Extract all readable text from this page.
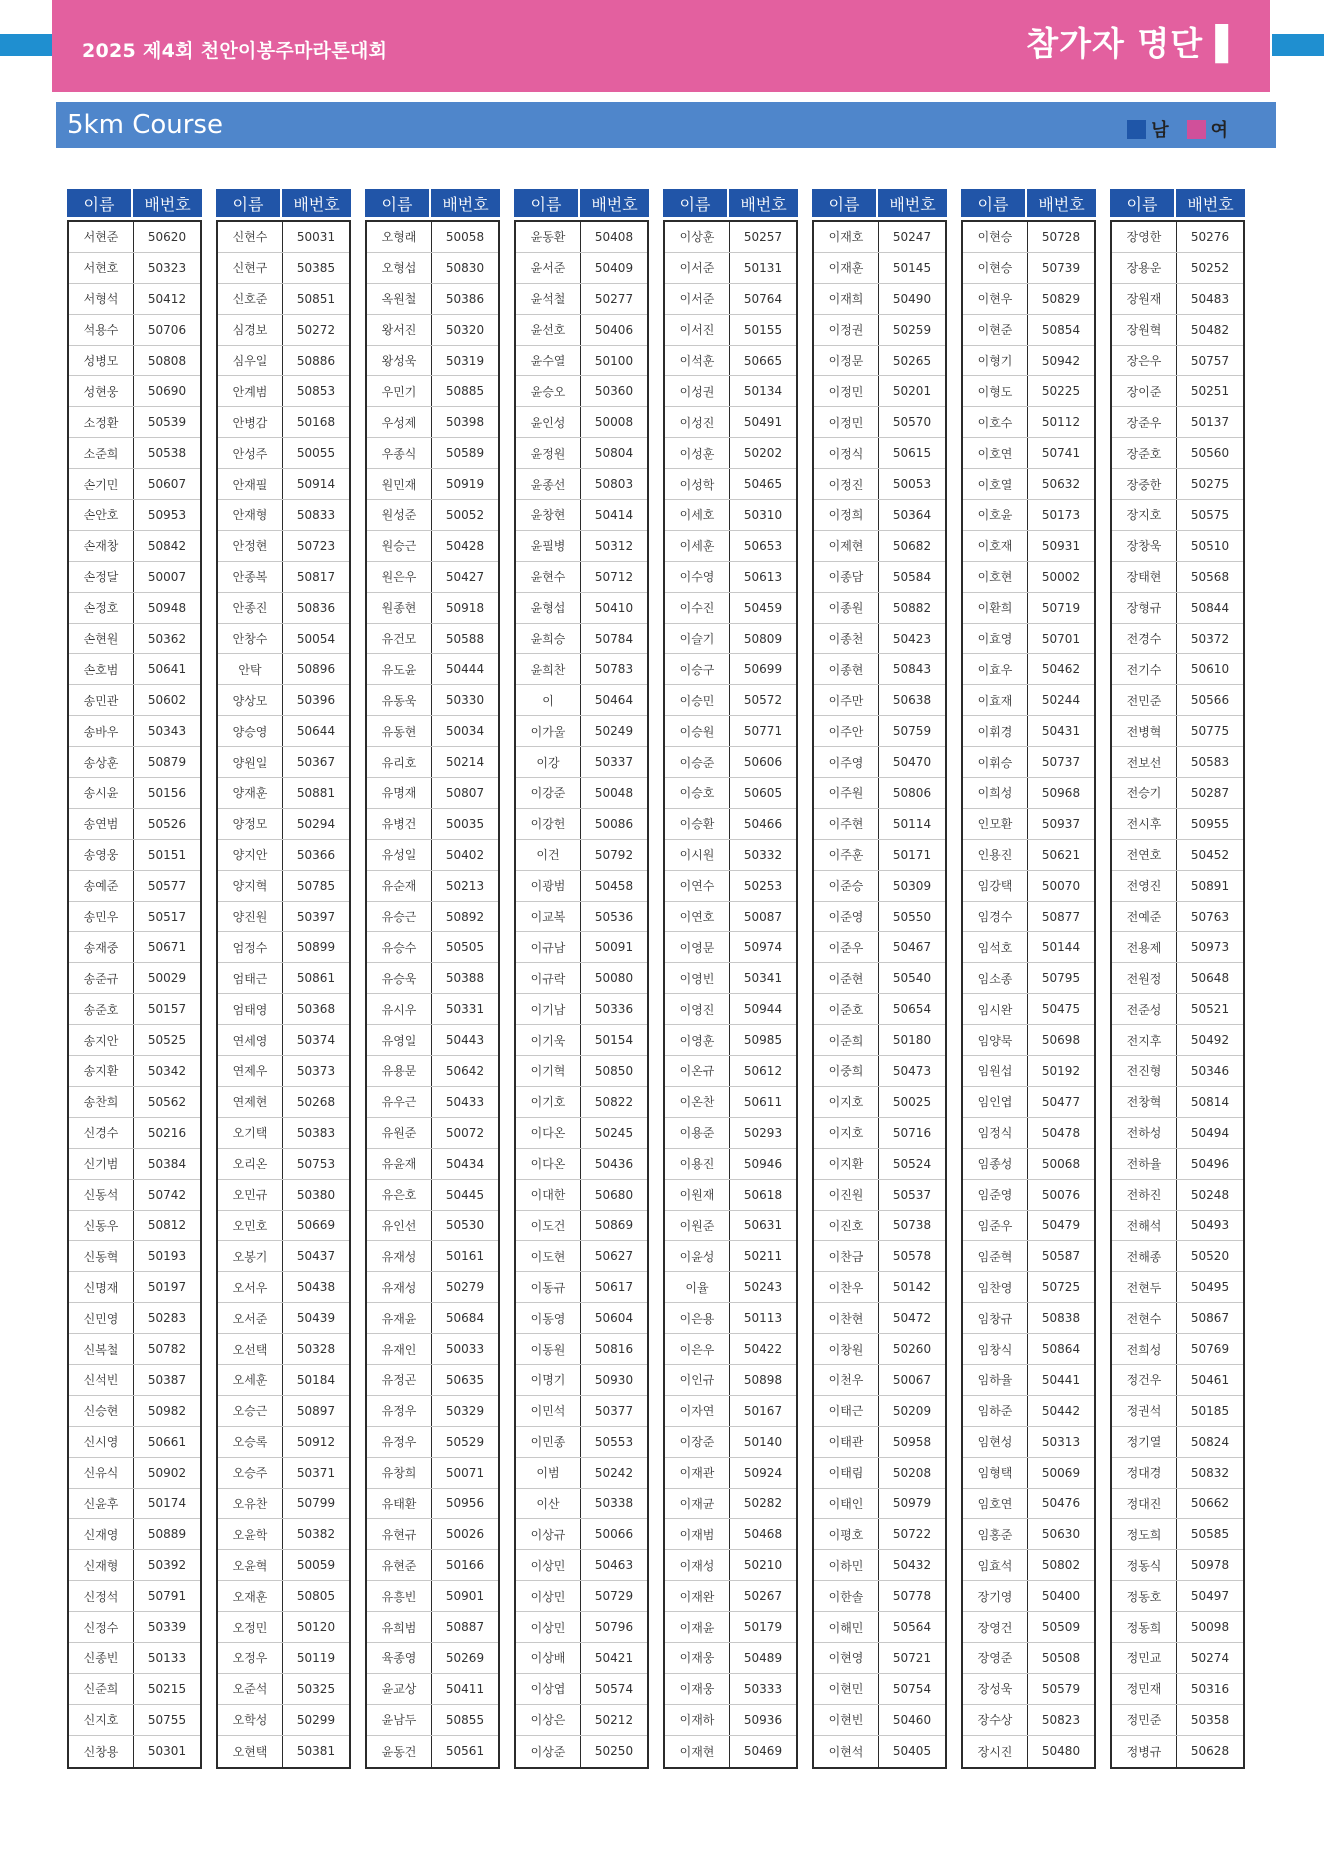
2025 제4회 천안이봉주마라톤대회	참가자 명단 ▌
5km Course	남 여
이름	배번호
서현준	50620
서현호	50323
서형석	50412
석용수	50706
성병모	50808
성현웅	50690
소정환	50539
소준희	50538
손기민	50607
손안호	50953
손재창	50842
손정달	50007
손정호	50948
손현원	50362
손호범	50641
송민관	50602
송바우	50343
송상훈	50879
송시윤	50156
송연범	50526
송영웅	50151
송예준	50577
송민우	50517
송재중	50671
송준규	50029
송준호	50157
송지안	50525
송지환	50342
송찬희	50562
신경수	50216
신기범	50384
신동석	50742
신동우	50812
신동혁	50193
신명재	50197
신민영	50283
신복철	50782
신석빈	50387
신승현	50982
신시영	50661
신유식	50902
신윤후	50174
신재영	50889
신재형	50392
신정석	50791
신정수	50339
신종빈	50133
신준희	50215
신지호	50755
신창용	50301
이름	배번호
신현수	50031
신현구	50385
신호준	50851
심경보	50272
심우일	50886
안계범	50853
안병감	50168
안성주	50055
안재필	50914
안재형	50833
안정현	50723
안종복	50817
안종진	50836
안창수	50054
안탁	50896
양상모	50396
양승영	50644
양원일	50367
양재훈	50881
양정모	50294
양지안	50366
양지혁	50785
양진원	50397
엄정수	50899
엄태근	50861
엄태영	50368
연세영	50374
연제우	50373
연제현	50268
오기택	50383
오리온	50753
오민규	50380
오민호	50669
오봉기	50437
오서우	50438
오서준	50439
오선택	50328
오세훈	50184
오승근	50897
오승록	50912
오승주	50371
오유찬	50799
오윤학	50382
오윤혁	50059
오재훈	50805
오정민	50120
오정우	50119
오준석	50325
오학성	50299
오현택	50381
이름	배번호
오형래	50058
오형섭	50830
옥원철	50386
왕서진	50320
왕성욱	50319
우민기	50885
우성제	50398
우종식	50589
원민재	50919
원성준	50052
원승근	50428
원은우	50427
원종현	50918
유건모	50588
유도윤	50444
유동욱	50330
유동현	50034
유리호	50214
유명재	50807
유병건	50035
유성일	50402
유순재	50213
유승근	50892
유승수	50505
유승욱	50388
유시우	50331
유영일	50443
유용문	50642
유우근	50433
유원준	50072
유윤재	50434
유은호	50445
유인선	50530
유재성	50161
유재성	50279
유재윤	50684
유재인	50033
유정곤	50635
유정우	50329
유정우	50529
유창희	50071
유태환	50956
유현규	50026
유현준	50166
유흥빈	50901
유희범	50887
육종영	50269
윤교상	50411
윤남두	50855
윤동건	50561
이름	배번호
윤동환	50408
윤서준	50409
윤석철	50277
윤선호	50406
윤수열	50100
윤승오	50360
윤인성	50008
윤정원	50804
윤종선	50803
윤창현	50414
윤필병	50312
윤현수	50712
윤형섭	50410
윤희승	50784
윤희찬	50783
이	50464
이가울	50249
이강	50337
이강준	50048
이강헌	50086
이건	50792
이광범	50458
이교복	50536
이규남	50091
이규락	50080
이기남	50336
이기욱	50154
이기혁	50850
이기호	50822
이다온	50245
이다온	50436
이대한	50680
이도건	50869
이도현	50627
이동규	50617
이동영	50604
이동원	50816
이명기	50930
이민석	50377
이민종	50553
이범	50242
이산	50338
이상규	50066
이상민	50463
이상민	50729
이상민	50796
이상배	50421
이상엽	50574
이상은	50212
이상준	50250
이름	배번호
이상훈	50257
이서준	50131
이서준	50764
이서진	50155
이석훈	50665
이성권	50134
이성진	50491
이성훈	50202
이성학	50465
이세호	50310
이세훈	50653
이수영	50613
이수진	50459
이슬기	50809
이승구	50699
이승민	50572
이승원	50771
이승준	50606
이승호	50605
이승환	50466
이시원	50332
이연수	50253
이연호	50087
이영문	50974
이영빈	50341
이영진	50944
이영훈	50985
이온규	50612
이온찬	50611
이용준	50293
이용진	50946
이원재	50618
이원준	50631
이윤성	50211
이율	50243
이은용	50113
이은우	50422
이인규	50898
이자연	50167
이장준	50140
이재관	50924
이재균	50282
이재범	50468
이재성	50210
이재완	50267
이재윤	50179
이재웅	50489
이재웅	50333
이재하	50936
이재현	50469
이름	배번호
이재호	50247
이재훈	50145
이재희	50490
이정권	50259
이정문	50265
이정민	50201
이정민	50570
이정식	50615
이정진	50053
이정희	50364
이제현	50682
이종담	50584
이종원	50882
이종천	50423
이종현	50843
이주만	50638
이주안	50759
이주영	50470
이주원	50806
이주현	50114
이주훈	50171
이준승	50309
이준영	50550
이준우	50467
이준현	50540
이준호	50654
이준희	50180
이중희	50473
이지호	50025
이지호	50716
이지환	50524
이진원	50537
이진호	50738
이찬금	50578
이찬우	50142
이찬현	50472
이창원	50260
이천우	50067
이태근	50209
이태관	50958
이태림	50208
이태인	50979
이평호	50722
이하민	50432
이한솔	50778
이해민	50564
이현영	50721
이현민	50754
이현빈	50460
이현석	50405
이름	배번호
이현승	50728
이현승	50739
이현우	50829
이현준	50854
이형기	50942
이형도	50225
이호수	50112
이호연	50741
이호열	50632
이호윤	50173
이호재	50931
이호현	50002
이환희	50719
이효영	50701
이효우	50462
이효재	50244
이휘경	50431
이휘승	50737
이희성	50968
인모환	50937
인용진	50621
임강택	50070
임경수	50877
임석호	50144
임소종	50795
임시완	50475
임양묵	50698
임원섭	50192
임인엽	50477
임정식	50478
임종성	50068
임준영	50076
임준우	50479
임준혁	50587
임찬영	50725
임창규	50838
임창식	50864
임하율	50441
임하준	50442
임현성	50313
임형택	50069
임호연	50476
임홍준	50630
임효석	50802
장기영	50400
장영건	50509
장영준	50508
장성욱	50579
장수상	50823
장시진	50480
이름	배번호
장영한	50276
장용운	50252
장원재	50483
장원혁	50482
장은우	50757
장이준	50251
장준우	50137
장준호	50560
장중한	50275
장지호	50575
장창욱	50510
장태현	50568
장형규	50844
전경수	50372
전기수	50610
전민준	50566
전병혁	50775
전보선	50583
전승기	50287
전시후	50955
전연호	50452
전영진	50891
전예준	50763
전용제	50973
전원정	50648
전준성	50521
전지후	50492
전진형	50346
전창혁	50814
전하성	50494
전하율	50496
전하진	50248
전해석	50493
전해종	50520
전현두	50495
전현수	50867
전희성	50769
정건우	50461
정권석	50185
정기열	50824
정대경	50832
정대진	50662
정도희	50585
정동식	50978
정동호	50497
정동희	50098
정민교	50274
정민재	50316
정민준	50358
정병규	50628
